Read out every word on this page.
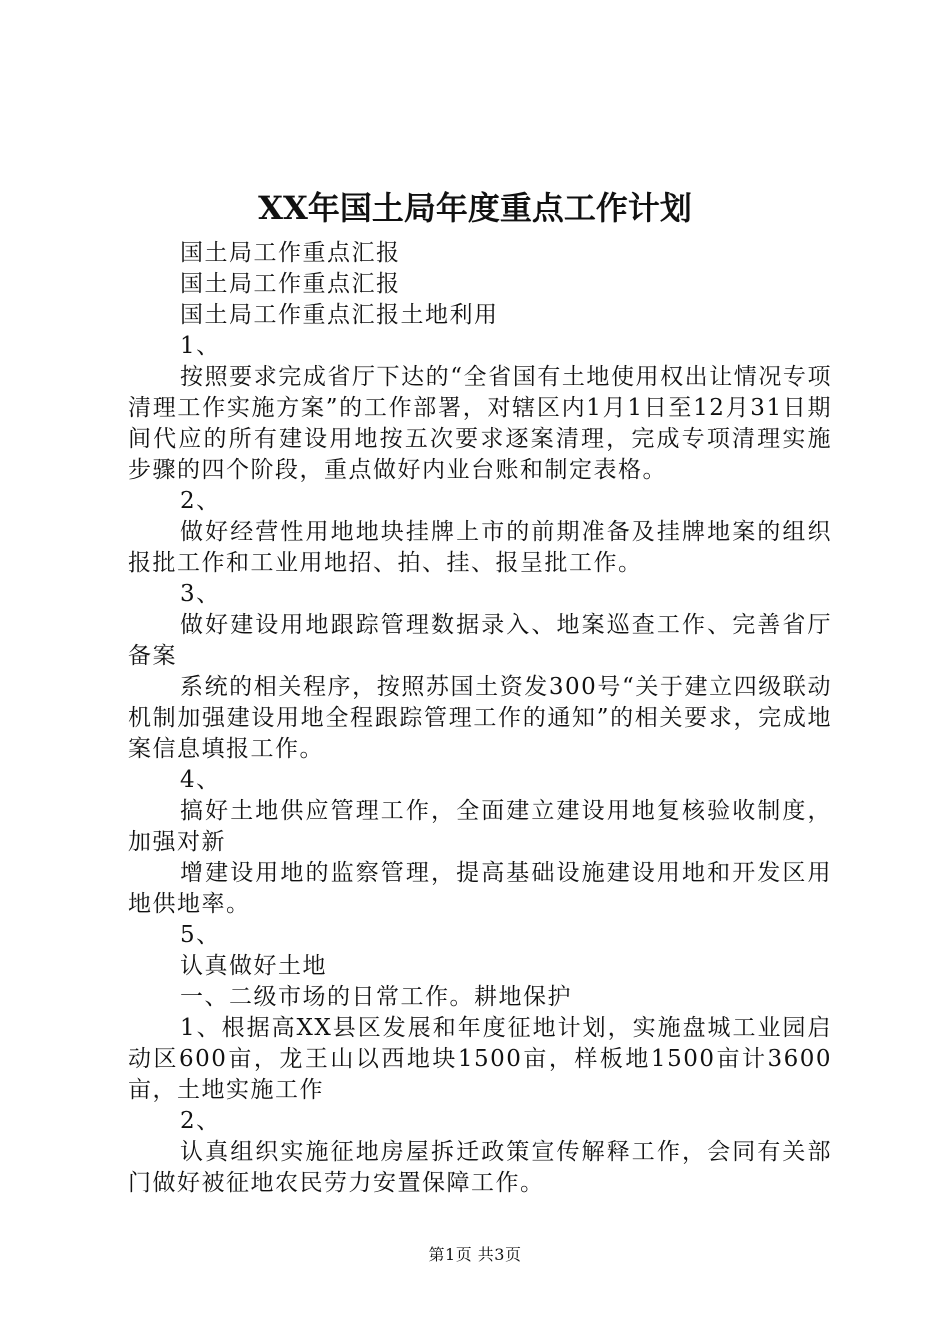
XX年国土局年度重点工作计划

国土局工作重点汇报

国土局工作重点汇报

国土局工作重点汇报土地利用

1、

按照要求完成省厅下达的“全省国有土地使用权出让情况专项清理工作实施方案”的工作部署，对辖区内1月1日至12月31日期间代应的所有建设用地按五次要求逐案清理，完成专项清理实施步骤的四个阶段，重点做好内业台账和制定表格。

2、

做好经营性用地地块挂牌上市的前期准备及挂牌地案的组织报批工作和工业用地招、拍、挂、报呈批工作。

3、

做好建设用地跟踪管理数据录入、地案巡查工作、完善省厅备案

系统的相关程序，按照苏国土资发300号“关于建立四级联动机制加强建设用地全程跟踪管理工作的通知”的相关要求，完成地案信息填报工作。

4、

搞好土地供应管理工作，全面建立建设用地复核验收制度，加强对新

增建设用地的监察管理，提高基础设施建设用地和开发区用地供地率。

5、

认真做好土地

一、二级市场的日常工作。耕地保护

1、根据高XX县区发展和年度征地计划，实施盘城工业园启动区600亩，龙王山以西地块1500亩，样板地1500亩计3600亩，土地实施工作

2、

认真组织实施征地房屋拆迁政策宣传解释工作，会同有关部门做好被征地农民劳力安置保障工作。

第1页 共3页
